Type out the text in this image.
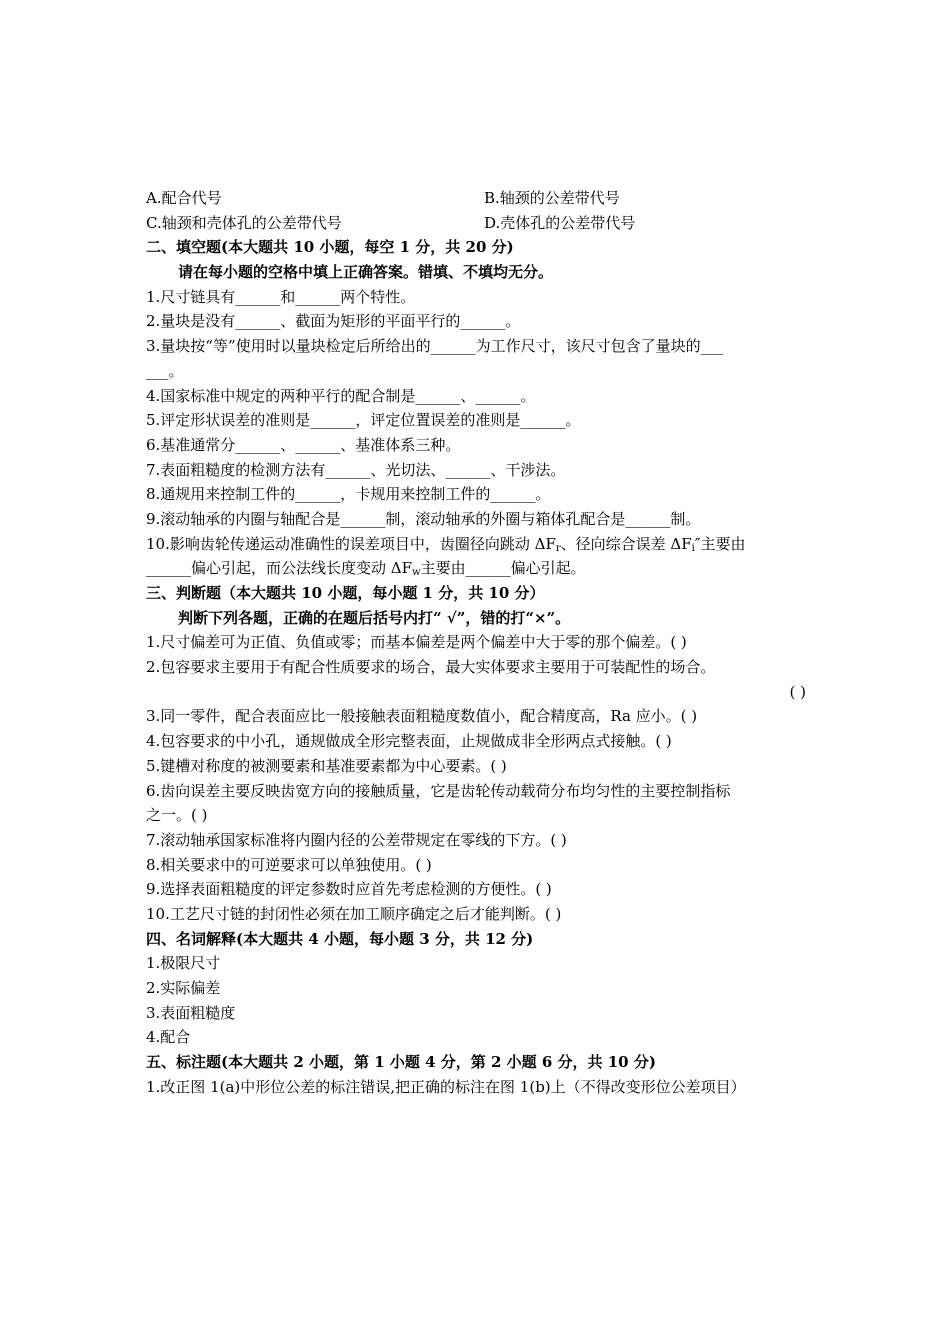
A.配合代号	B.轴颈的公差带代号
C.轴颈和壳体孔的公差带代号	D.壳体孔的公差带代号
二、填空题(本大题共 10 小题，每空 1 分，共 20 分)
请在每小题的空格中填上正确答案。错填、不填均无分。
1.尺寸链具有______和______两个特性。
2.量块是没有______、截面为矩形的平面平行的______。
3.量块按“等”使用时以量块检定后所给出的______为工作尺寸，该尺寸包含了量块的___
___。
4.国家标准中规定的两种平行的配合制是______、______。
5.评定形状误差的准则是______，评定位置误差的准则是______。
6.基准通常分______、______、基准体系三种。
7.表面粗糙度的检测方法有______、光切法、______、干涉法。
8.通规用来控制工件的______，卡规用来控制工件的______。
9.滚动轴承的内圈与轴配合是______制，滚动轴承的外圈与箱体孔配合是______制。
10.影响齿轮传递运动准确性的误差项目中，齿圈径向跳动 $\Delta F_r$、径向综合误差 $\Delta F_i''$主要由
______偏心引起，而公法线长度变动 $\Delta F_w$主要由______偏心引起。
三、判断题（本大题共 10 小题，每小题 1 分，共 10 分）
判断下列各题，正确的在题后括号内打“ √”，错的打“×”。
1.尺寸偏差可为正值、负值或零；而基本偏差是两个偏差中大于零的那个偏差。( )
2.包容要求主要用于有配合性质要求的场合，最大实体要求主要用于可装配性的场合。
( )
3.同一零件，配合表面应比一般接触表面粗糙度数值小，配合精度高，Ra 应小。( )
4.包容要求的中小孔，通规做成全形完整表面，止规做成非全形两点式接触。( )
5.键槽对称度的被测要素和基准要素都为中心要素。( )
6.齿向误差主要反映齿宽方向的接触质量，它是齿轮传动载荷分布均匀性的主要控制指标
之一。( )
7.滚动轴承国家标准将内圈内径的公差带规定在零线的下方。( )
8.相关要求中的可逆要求可以单独使用。( )
9.选择表面粗糙度的评定参数时应首先考虑检测的方便性。( )
10.工艺尺寸链的封闭性必须在加工顺序确定之后才能判断。( )
四、名词解释(本大题共 4 小题，每小题 3 分，共 12 分)
1.极限尺寸
2.实际偏差
3.表面粗糙度
4.配合
五、标注题(本大题共 2 小题，第 1 小题 4 分，第 2 小题 6 分，共 10 分)
1.改正图 1(a)中形位公差的标注错误,把正确的标注在图 1(b)上（不得改变形位公差项目）
